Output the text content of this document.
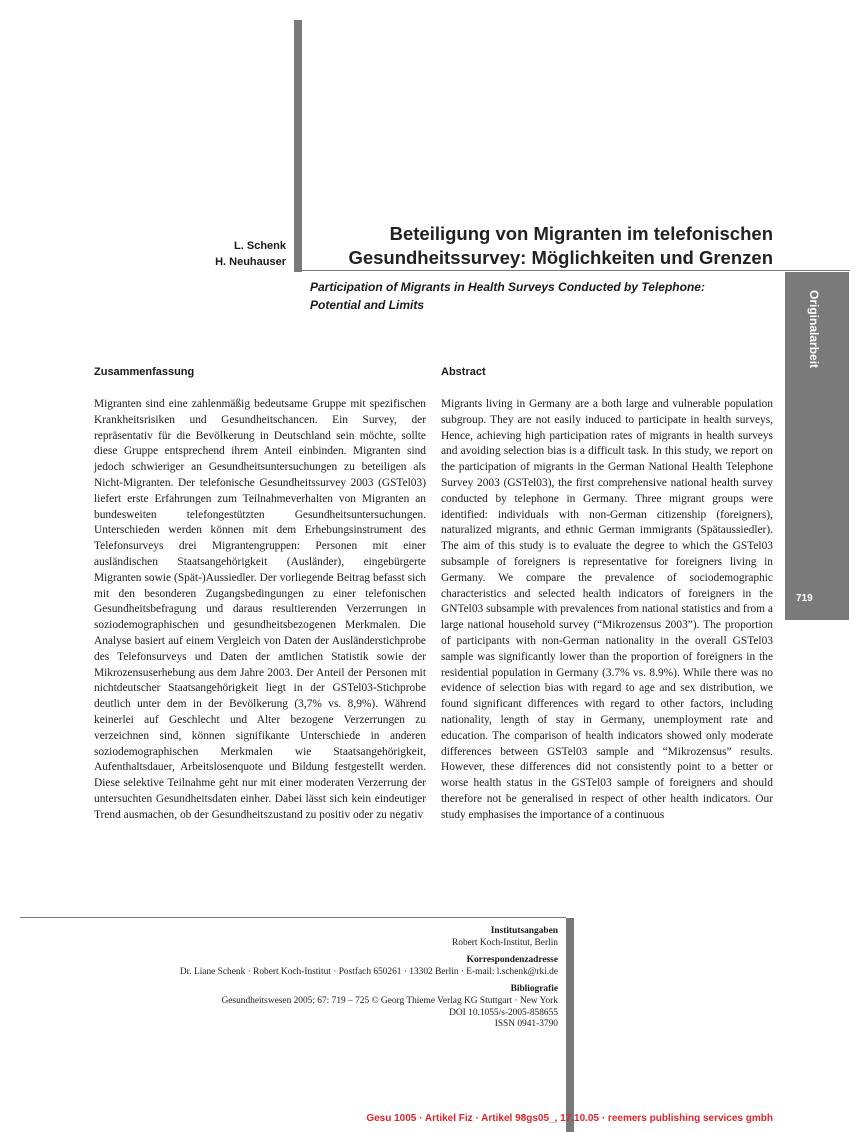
L. Schenk
H. Neuhauser
Beteiligung von Migranten im telefonischen
Gesundheitssurvey: Möglichkeiten und Grenzen
Participation of Migrants in Health Surveys Conducted by Telephone:
Potential and Limits	Originalarbeit
719
Zusammenfassung

Migranten sind eine zahlenmäßig bedeutsame Gruppe mit spezifischen Krankheitsrisiken und Gesundheitschancen. Ein Survey, der repräsentativ für die Bevölkerung in Deutschland sein möchte, sollte diese Gruppe entsprechend ihrem Anteil einbinden. Migranten sind jedoch schwieriger an Gesundheitsuntersuchungen zu beteiligen als Nicht-Migranten. Der telefonische Gesundheitssurvey 2003 (GSTel03) liefert erste Erfahrungen zum Teilnahmeverhalten von Migranten an bundesweiten telefongestützten Gesundheitsuntersuchungen. Unterschieden werden können mit dem Erhebungsinstrument des Telefonsurveys drei Migrantengruppen: Personen mit einer ausländischen Staatsangehörigkeit (Ausländer), eingebürgerte Migranten sowie (Spät-)Aussiedler. Der vorliegende Beitrag befasst sich mit den besonderen Zugangsbedingungen zu einer telefonischen Gesundheitsbefragung und daraus resultierenden Verzerrungen in soziodemographischen und gesundheitsbezogenen Merkmalen. Die Analyse basiert auf einem Vergleich von Daten der Ausländerstichprobe des Telefonsurveys und Daten der amtlichen Statistik sowie der Mikrozensuserhebung aus dem Jahre 2003. Der Anteil der Personen mit nichtdeutscher Staatsangehörigkeit liegt in der GSTel03-Stichprobe deutlich unter dem in der Bevölkerung (3,7% vs. 8,9%). Während keinerlei auf Geschlecht und Alter bezogene Verzerrungen zu verzeichnen sind, können signifikante Unterschiede in anderen soziodemographischen Merkmalen wie Staatsangehörigkeit, Aufenthaltsdauer, Arbeitslosenquote und Bildung festgestellt werden. Diese selektive Teilnahme geht nur mit einer moderaten Verzerrung der untersuchten Gesundheitsdaten einher. Dabei lässt sich kein eindeutiger Trend ausmachen, ob der Gesundheitszustand zu positiv oder zu negativ

Abstract

Migrants living in Germany are a both large and vulnerable population subgroup. They are not easily induced to participate in health surveys, Hence, achieving high participation rates of migrants in health surveys and avoiding selection bias is a difficult task. In this study, we report on the participation of migrants in the German National Health Telephone Survey 2003 (GSTel03), the first comprehensive national health survey conducted by telephone in Germany. Three migrant groups were identified: individuals with non-German citizenship (foreigners), naturalized migrants, and ethnic German immigrants (Spätaussiedler). The aim of this study is to evaluate the degree to which the GSTel03 subsample of foreigners is representative for foreigners living in Germany. We compare the prevalence of sociodemographic characteristics and selected health indicators of foreigners in the GNTel03 subsample with prevalences from national statistics and from a large national household survey (“Mikrozensus 2003”). The proportion of participants with non-German nationality in the overall GSTel03 sample was significantly lower than the proportion of foreigners in the residential population in Germany (3.7% vs. 8.9%). While there was no evidence of selection bias with regard to age and sex distribution, we found significant differences with regard to other factors, including nationality, length of stay in Germany, unemployment rate and education. The comparison of health indicators showed only moderate differences between GSTel03 sample and “Mikrozensus” results. However, these differences did not consistently point to a better or worse health status in the GSTel03 sample of foreigners and should therefore not be generalised in respect of other health indicators. Our study emphasises the importance of a continuous

Institutsangaben
Robert Koch-Institut, Berlin
Korrespondenzadresse
Dr. Liane Schenk · Robert Koch-Institut · Postfach 650261 · 13302 Berlin · E-mail: l.schenk@rki.de
Bibliografie
Gesundheitswesen 2005; 67: 719 – 725 © Georg Thieme Verlag KG Stuttgart · New York
DOI 10.1055/s-2005-858655
ISSN 0941-3790
Gesu 1005 · Artikel Fiz · Artikel 98gs05_, 17.10.05 · reemers publishing services gmbh
